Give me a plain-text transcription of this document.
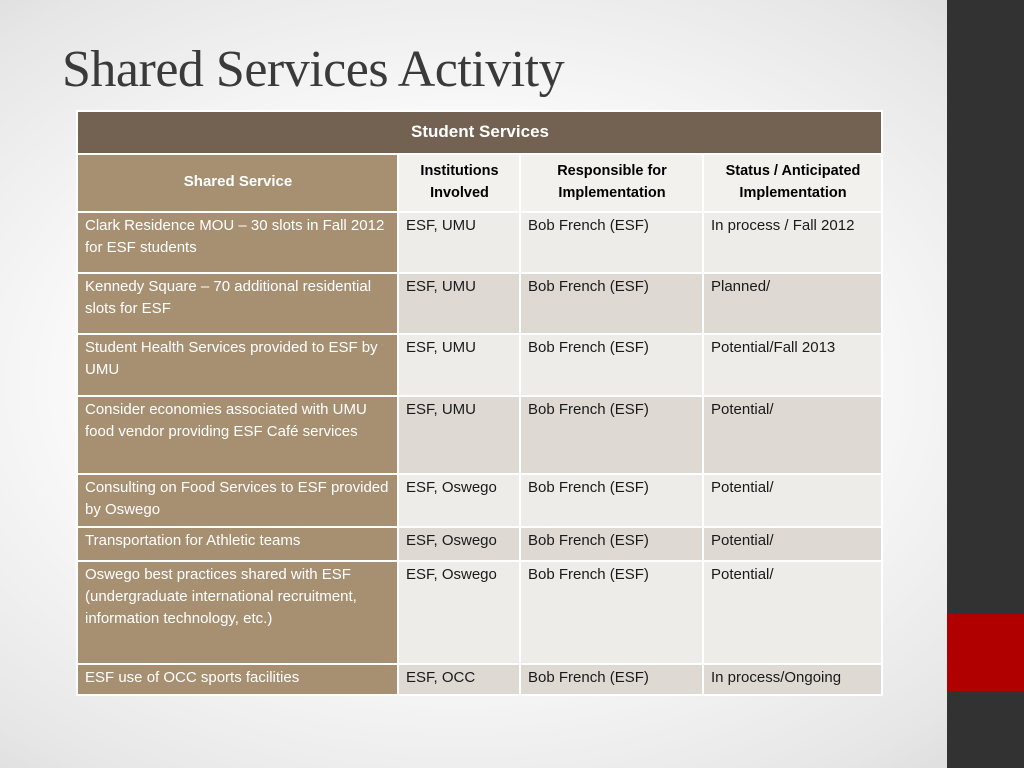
Shared Services Activity
Student Services			
Shared Service	Institutions Involved	Responsible for Implementation	Status / Anticipated Implementation
Clark Residence MOU – 30 slots in Fall 2012 for ESF students	ESF, UMU	Bob French (ESF)	In process / Fall 2012
Kennedy Square – 70 additional residential slots for ESF	ESF, UMU	Bob French (ESF)	Planned/
Student Health Services provided to ESF by UMU	ESF, UMU	Bob French (ESF)	Potential/Fall 2013
Consider economies associated with UMU food vendor providing ESF Café services	ESF, UMU	Bob French (ESF)	Potential/
Consulting on Food Services to ESF provided by Oswego	ESF, Oswego	Bob French (ESF)	Potential/
Transportation for Athletic teams	ESF, Oswego	Bob French (ESF)	Potential/
Oswego best practices shared with ESF (undergraduate international recruitment, information technology, etc.)	ESF, Oswego	Bob French (ESF)	Potential/
ESF use of OCC sports facilities	ESF, OCC	Bob French (ESF)	In process/Ongoing
